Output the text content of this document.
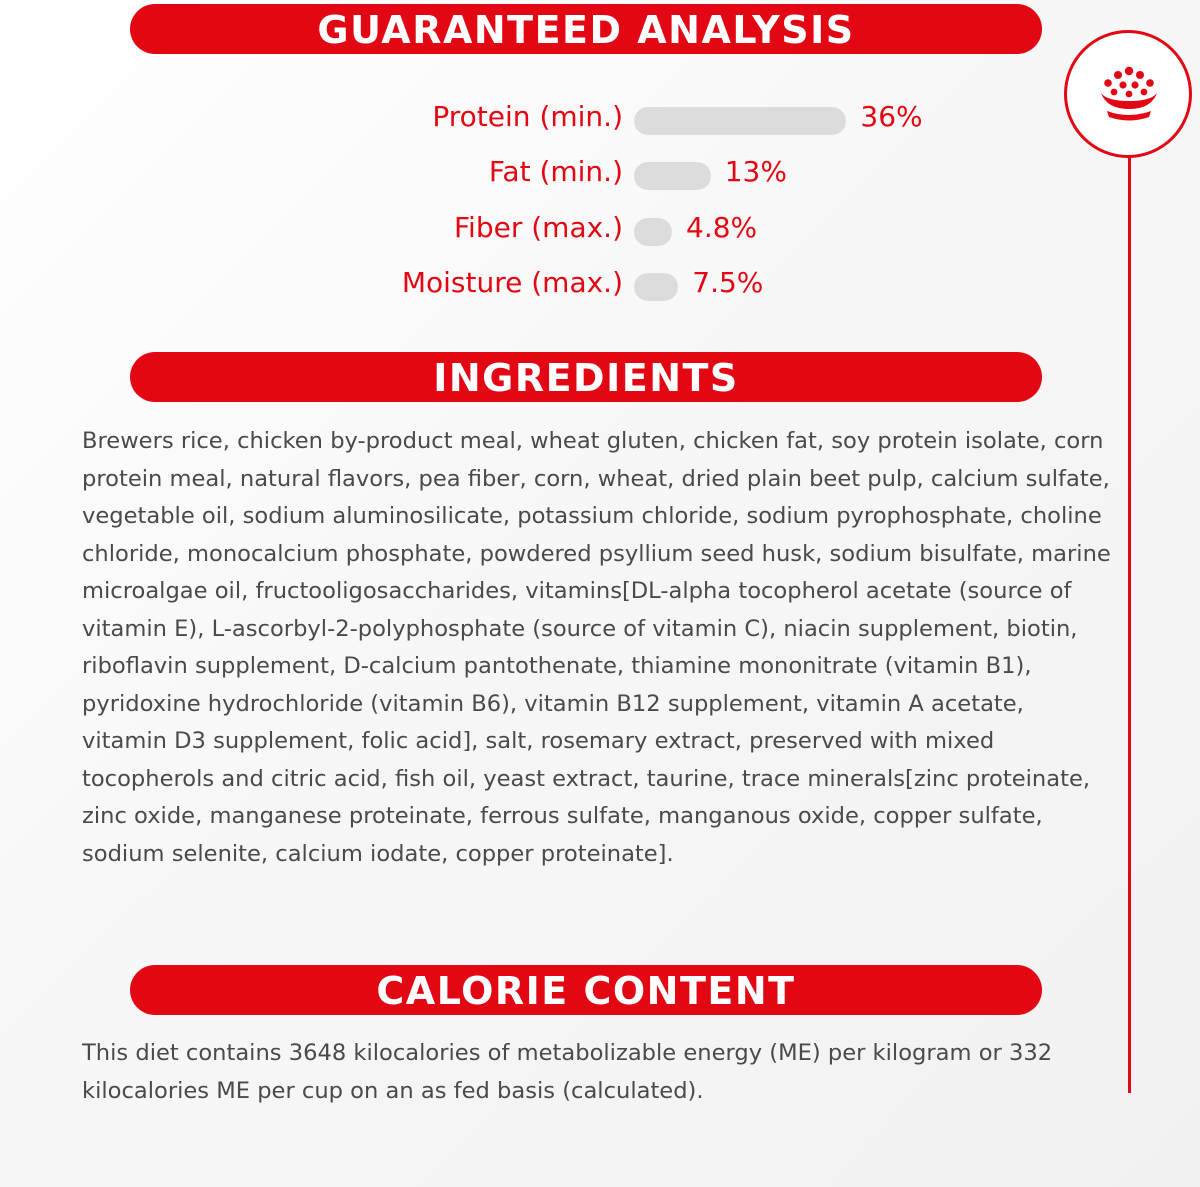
GUARANTEED ANALYSIS
Protein (min.)	36%
Fat (min.)	13%
Fiber (max.) 4.8%
Moisture (max.) 7.5%
INGREDIENTS

Brewers rice, chicken by-product meal, wheat gluten, chicken fat, soy protein isolate, corn protein meal, natural flavors, pea fiber, corn, wheat, dried plain beet pulp, calcium sulfate, vegetable oil, sodium aluminosilicate, potassium chloride, sodium pyrophosphate, choline chloride, monocalcium phosphate, powdered psyllium seed husk, sodium bisulfate, marine microalgae oil, fructooligosaccharides, vitamins[DL-alpha tocopherol acetate (source of vitamin E), L-ascorbyl-2-polyphosphate (source of vitamin C), niacin supplement, biotin, riboflavin supplement, D-calcium pantothenate, thiamine mononitrate (vitamin B1), pyridoxine hydrochloride (vitamin B6), vitamin B12 supplement, vitamin A acetate, vitamin D3 supplement, folic acid], salt, rosemary extract, preserved with mixed tocopherols and citric acid, fish oil, yeast extract, taurine, trace minerals[zinc proteinate, zinc oxide, manganese proteinate, ferrous sulfate, manganous oxide, copper sulfate, sodium selenite, calcium iodate, copper proteinate].

CALORIE CONTENT

This diet contains 3648 kilocalories of metabolizable energy (ME) per kilogram or 332 kilocalories ME per cup on an as fed basis (calculated).
